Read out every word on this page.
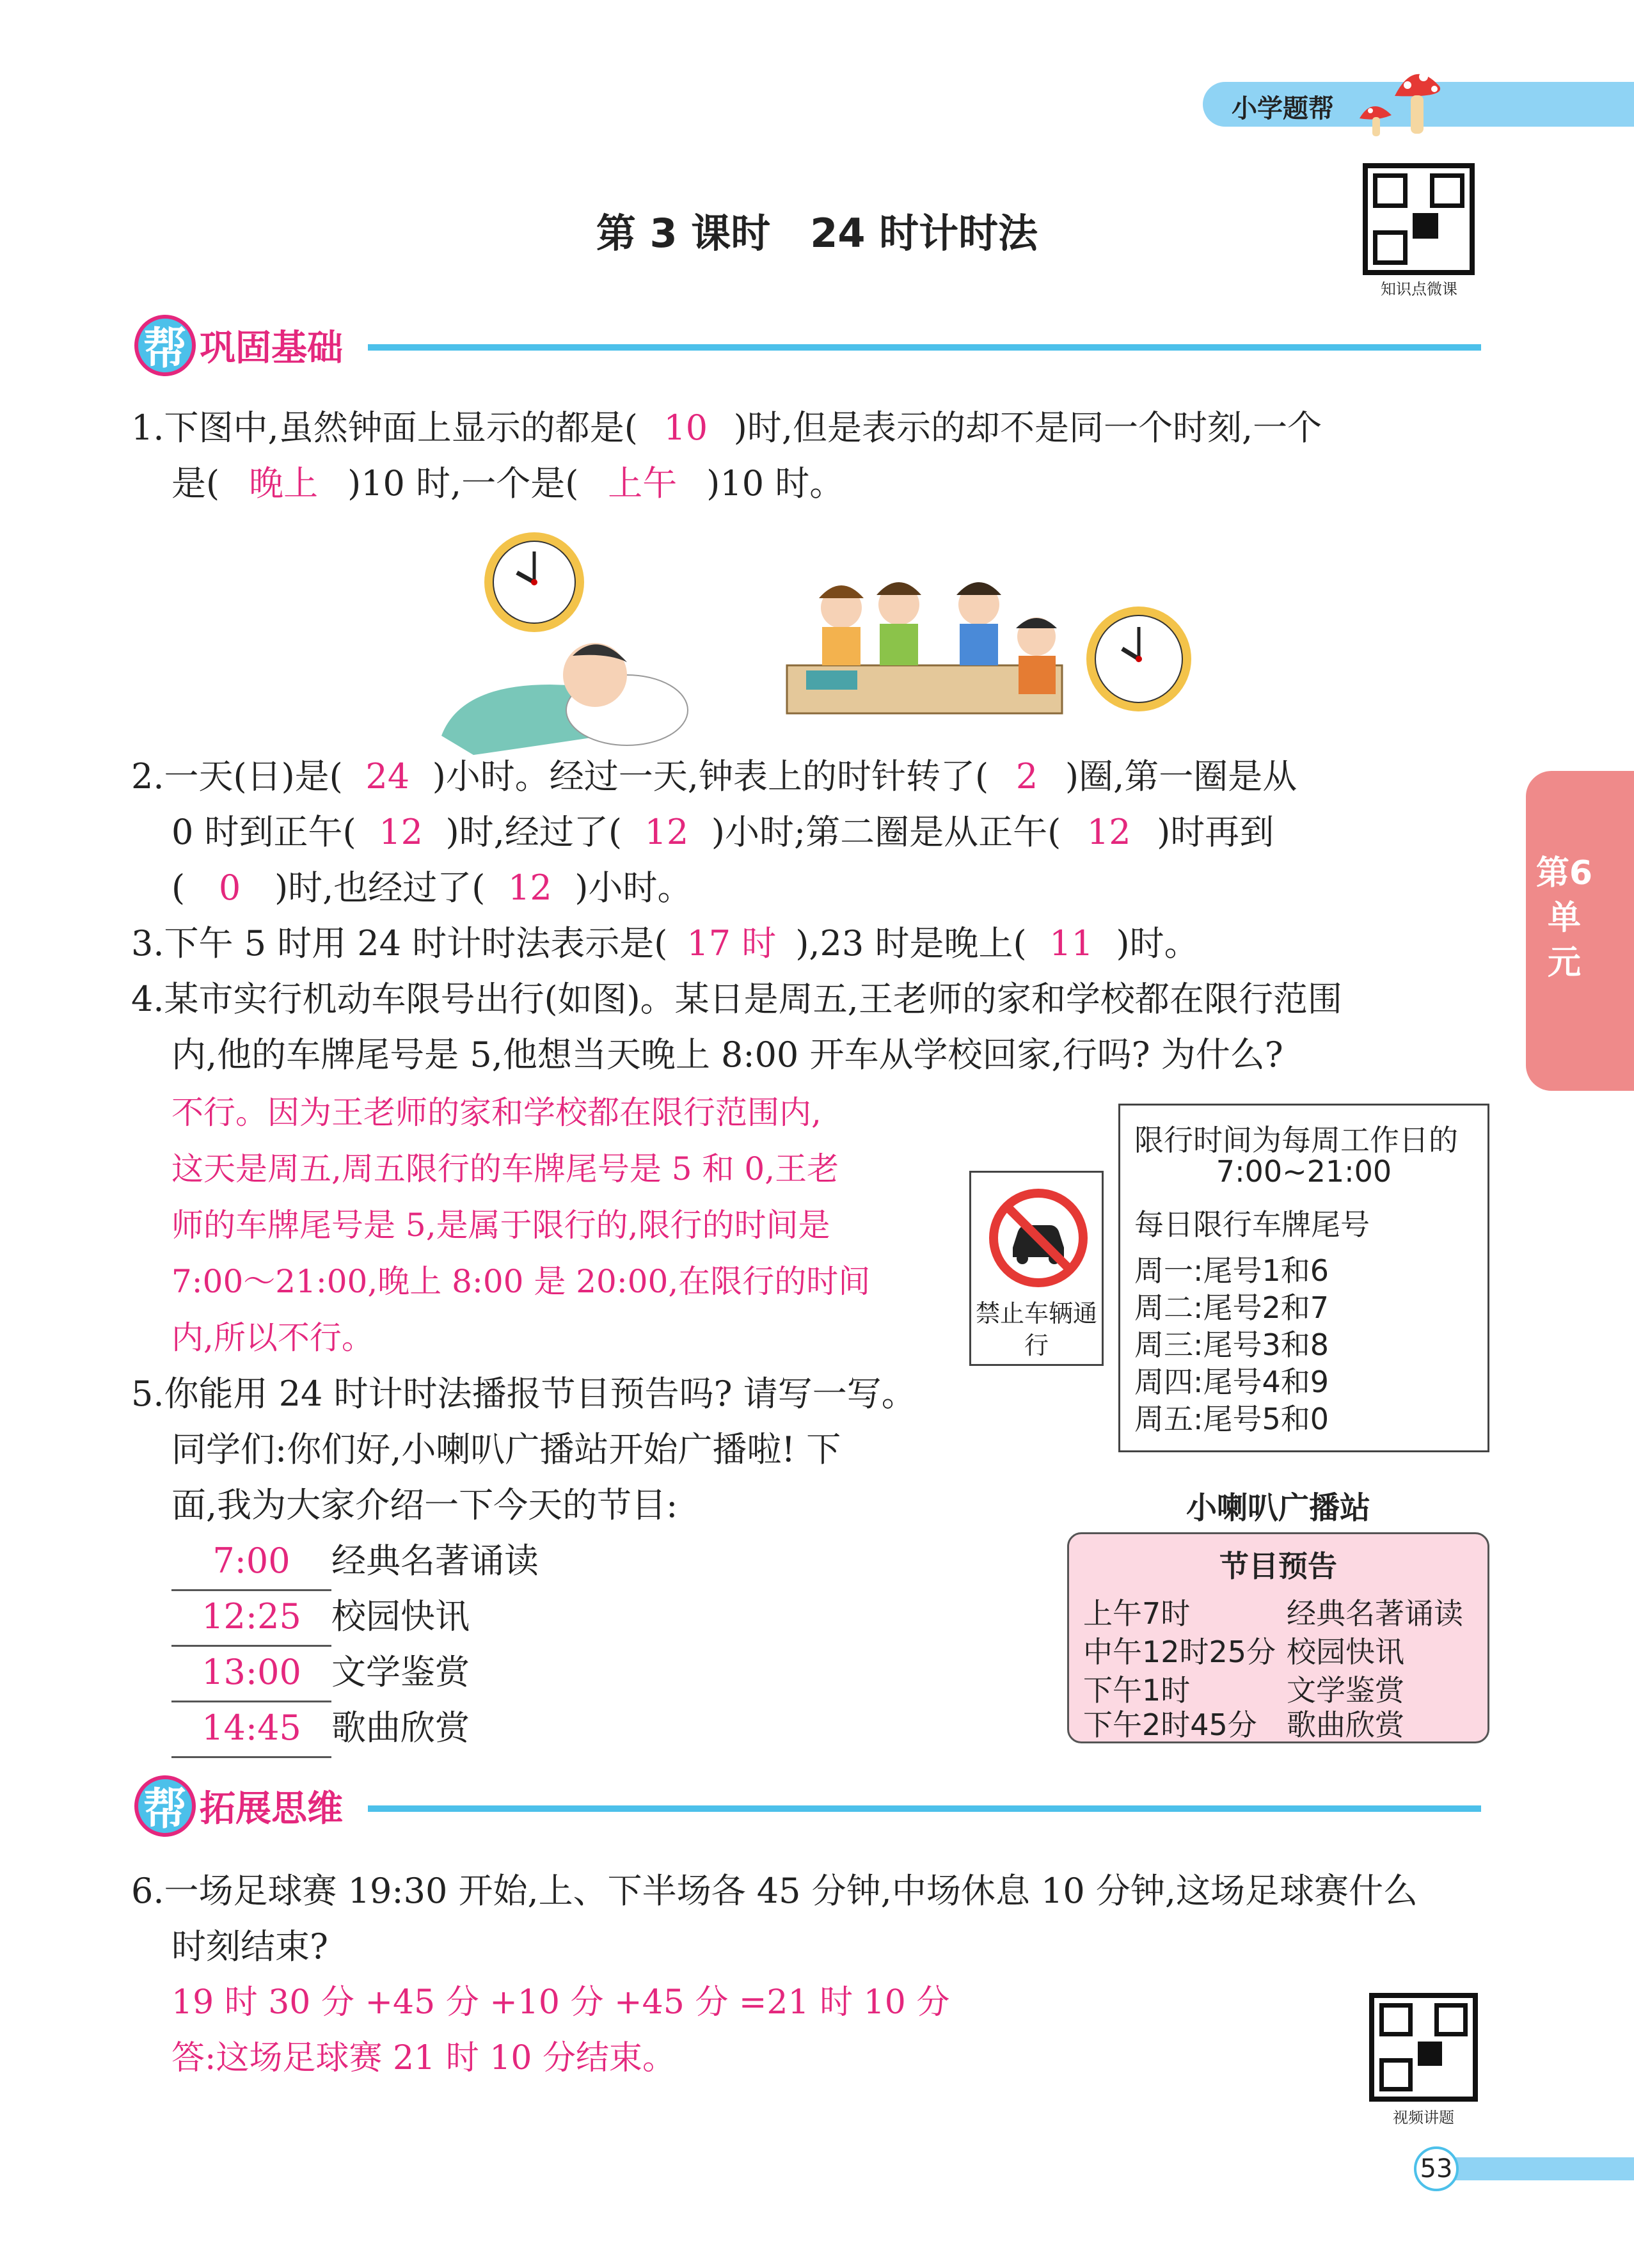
小学题帮
第 3 课时　24 时计时法
知识点微课
帮 巩固基础
第6单元
1.下图中,虽然钟面上显示的都是( 10 )时,但是表示的却不是同一个时刻,一个
是( 晚上 )10 时,一个是( 上午 )10 时。
2.一天(日)是( 24 )小时。经过一天,钟表上的时针转了( 2 )圈,第一圈是从
0 时到正午( 12 )时,经过了( 12 )小时;第二圈是从正午( 12 )时再到
( 0 )时,也经过了( 12 )小时。
3.下午 5 时用 24 时计时法表示是( 17 时 ),23 时是晚上( 11 )时。
4.某市实行机动车限号出行(如图)。某日是周五,王老师的家和学校都在限行范围
内,他的车牌尾号是 5,他想当天晚上 8:00 开车从学校回家,行吗? 为什么?
不行。因为王老师的家和学校都在限行范围内,
这天是周五,周五限行的车牌尾号是 5 和 0,王老
师的车牌尾号是 5,是属于限行的,限行的时间是
7:00～21:00,晚上 8:00 是 20:00,在限行的时间
内,所以不行。
禁止车辆通行
限行时间为每周工作日的
7:00~21:00
每日限行车牌尾号
周一:尾号1和6
周二:尾号2和7
周三:尾号3和8
周四:尾号4和9
周五:尾号5和0
5.你能用 24 时计时法播报节目预告吗? 请写一写。
同学们:你们好,小喇叭广播站开始广播啦! 下
面,我为大家介绍一下今天的节目:
7:00 经典名著诵读
12:25 校园快讯
13:00 文学鉴赏
14:45 歌曲欣赏
小喇叭广播站
节目预告
上午7时	经典名著诵读
中午12时25分 校园快讯
下午1时	文学鉴赏
下午2时45分 歌曲欣赏
帮 拓展思维
6.一场足球赛 19:30 开始,上、下半场各 45 分钟,中场休息 10 分钟,这场足球赛什么
时刻结束?
19 时 30 分 +45 分 +10 分 +45 分 =21 时 10 分
答:这场足球赛 21 时 10 分结束。
视频讲题
53
